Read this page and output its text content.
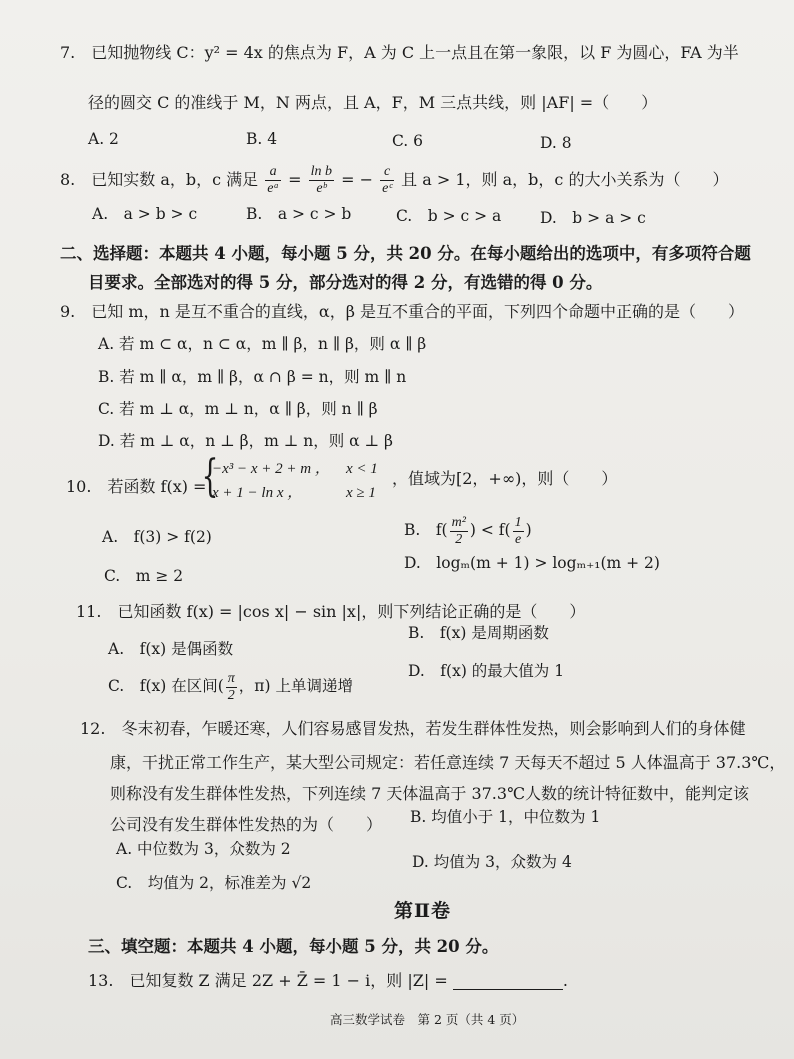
7.　已知抛物线 C：y² = 4x 的焦点为 F，A 为 C 上一点且在第一象限，以 F 为圆心，FA 为半
径的圆交 C 的准线于 M，N 两点，且 A，F，M 三点共线，则 |AF| =（　　）
A. 2	B. 4	C. 6	D. 8
8.　已知实数 a，b，c 满足 $\frac{a}{\text{eᵃ}} = \frac{\text{ln b}}{\text{eᵇ}}$ = − $\frac{c}{\text{eᶜ}}$ 且 a > 1，则 a，b，c 的大小关系为（　　）
A.　a > b > c	B.　a > c > b	C.　b > c > a D.　b > a > c
二、选择题：本题共 4 小题，每小题 5 分，共 20 分。在每小题给出的选项中，有多项符合题
目要求。全部选对的得 5 分，部分选对的得 2 分，有选错的得 0 分。
9.　已知 m，n 是互不重合的直线，α，β 是互不重合的平面，下列四个命题中正确的是（　　）
A. 若 m ⊂ α，n ⊂ α，m ∥ β，n ∥ β，则 α ∥ β
B. 若 m ∥ α，m ∥ β，α ∩ β = n，则 m ∥ n
C. 若 m ⊥ α，m ⊥ n，α ∥ β，则 n ∥ β
D. 若 m ⊥ α，n ⊥ β，m ⊥ n，则 α ⊥ β
10.　若函数 f(x) =
{
−x³ − x + 2 + m ， x < 1
x + 1 − ln x ，	x ≥ 1
，值域为[2，+∞)，则（　　）
A.　f(3) > f(2)	B.　$f( \frac{\text{m²}}{2}$ ) < $f( \frac{1}{e}$ )
D.　logₘ(m + 1) > logₘ₊₁(m + 2)
C.　m ≥ 2
11.　已知函数 f(x) = |cos x| − sin |x|，则下列结论正确的是（　　）
B.　f(x) 是周期函数
A.　f(x) 是偶函数
D.　f(x) 的最大值为 1
C.　f(x) 在区间( $\frac{\pi}{2}$ ，π) 上单调递增
12.　冬末初春，乍暖还寒，人们容易感冒发热，若发生群体性发热，则会影响到人们的身体健
康，干扰正常工作生产，某大型公司规定：若任意连续 7 天每天不超过 5 人体温高于 37.3℃，
则称没有发生群体性发热，下列连续 7 天体温高于 37.3℃人数的统计特征数中，能判定该
公司没有发生群体性发热的为（　　） B. 均值小于 1，中位数为 1
A. 中位数为 3，众数为 2
D. 均值为 3，众数为 4
C.　均值为 2，标准差为 √2
第Ⅱ卷
三、填空题：本题共 4 小题，每小题 5 分，共 20 分。
13.　已知复数 Z 满足 2Z + Z̄ = 1 − i，则 |Z| =	.
高三数学试卷　第 2 页（共 4 页）
